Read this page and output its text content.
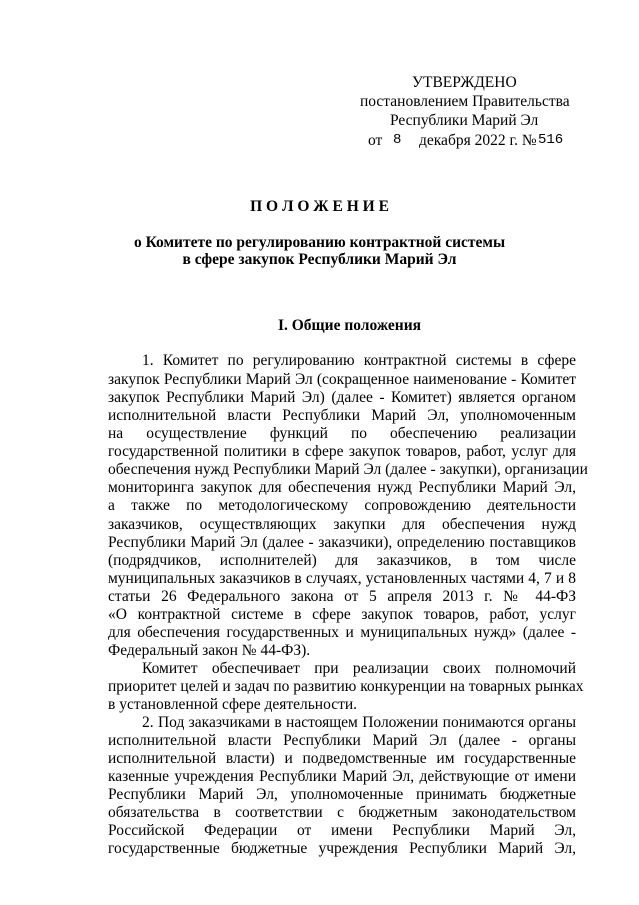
УТВЕРЖДЕНО
постановлением Правительства
Республики Марий Эл
от 8 декабря 2022 г. № 516
П О Л О Ж Е Н И Е
о Комитете по регулированию контрактной системы
в сфере закупок Республики Марий Эл
I. Общие положения
1. Комитет по регулированию контрактной системы в сфере
закупок Республики Марий Эл (сокращенное наименование - Комитет
закупок Республики Марий Эл) (далее - Комитет) является органом
исполнительной власти Республики Марий Эл, уполномоченным
на осуществление функций по обеспечению реализации
государственной политики в сфере закупок товаров, работ, услуг для
обеспечения нужд Республики Марий Эл (далее - закупки), организации
мониторинга закупок для обеспечения нужд Республики Марий Эл,
а также по методологическому сопровождению деятельности
заказчиков, осуществляющих закупки для обеспечения нужд
Республики Марий Эл (далее - заказчики), определению поставщиков
(подрядчиков, исполнителей) для заказчиков, в том числе
муниципальных заказчиков в случаях, установленных частями 4, 7 и 8
статьи 26 Федерального закона от 5 апреля 2013 г. № 44-ФЗ
«О контрактной системе в сфере закупок товаров, работ, услуг
для обеспечения государственных и муниципальных нужд» (далее -
Федеральный закон № 44-ФЗ).
Комитет обеспечивает при реализации своих полномочий
приоритет целей и задач по развитию конкуренции на товарных рынках
в установленной сфере деятельности.
2. Под заказчиками в настоящем Положении понимаются органы
исполнительной власти Республики Марий Эл (далее - органы
исполнительной власти) и подведомственные им государственные
казенные учреждения Республики Марий Эл, действующие от имени
Республики Марий Эл, уполномоченные принимать бюджетные
обязательства в соответствии с бюджетным законодательством
Российской Федерации от имени Республики Марий Эл,
государственные бюджетные учреждения Республики Марий Эл,
